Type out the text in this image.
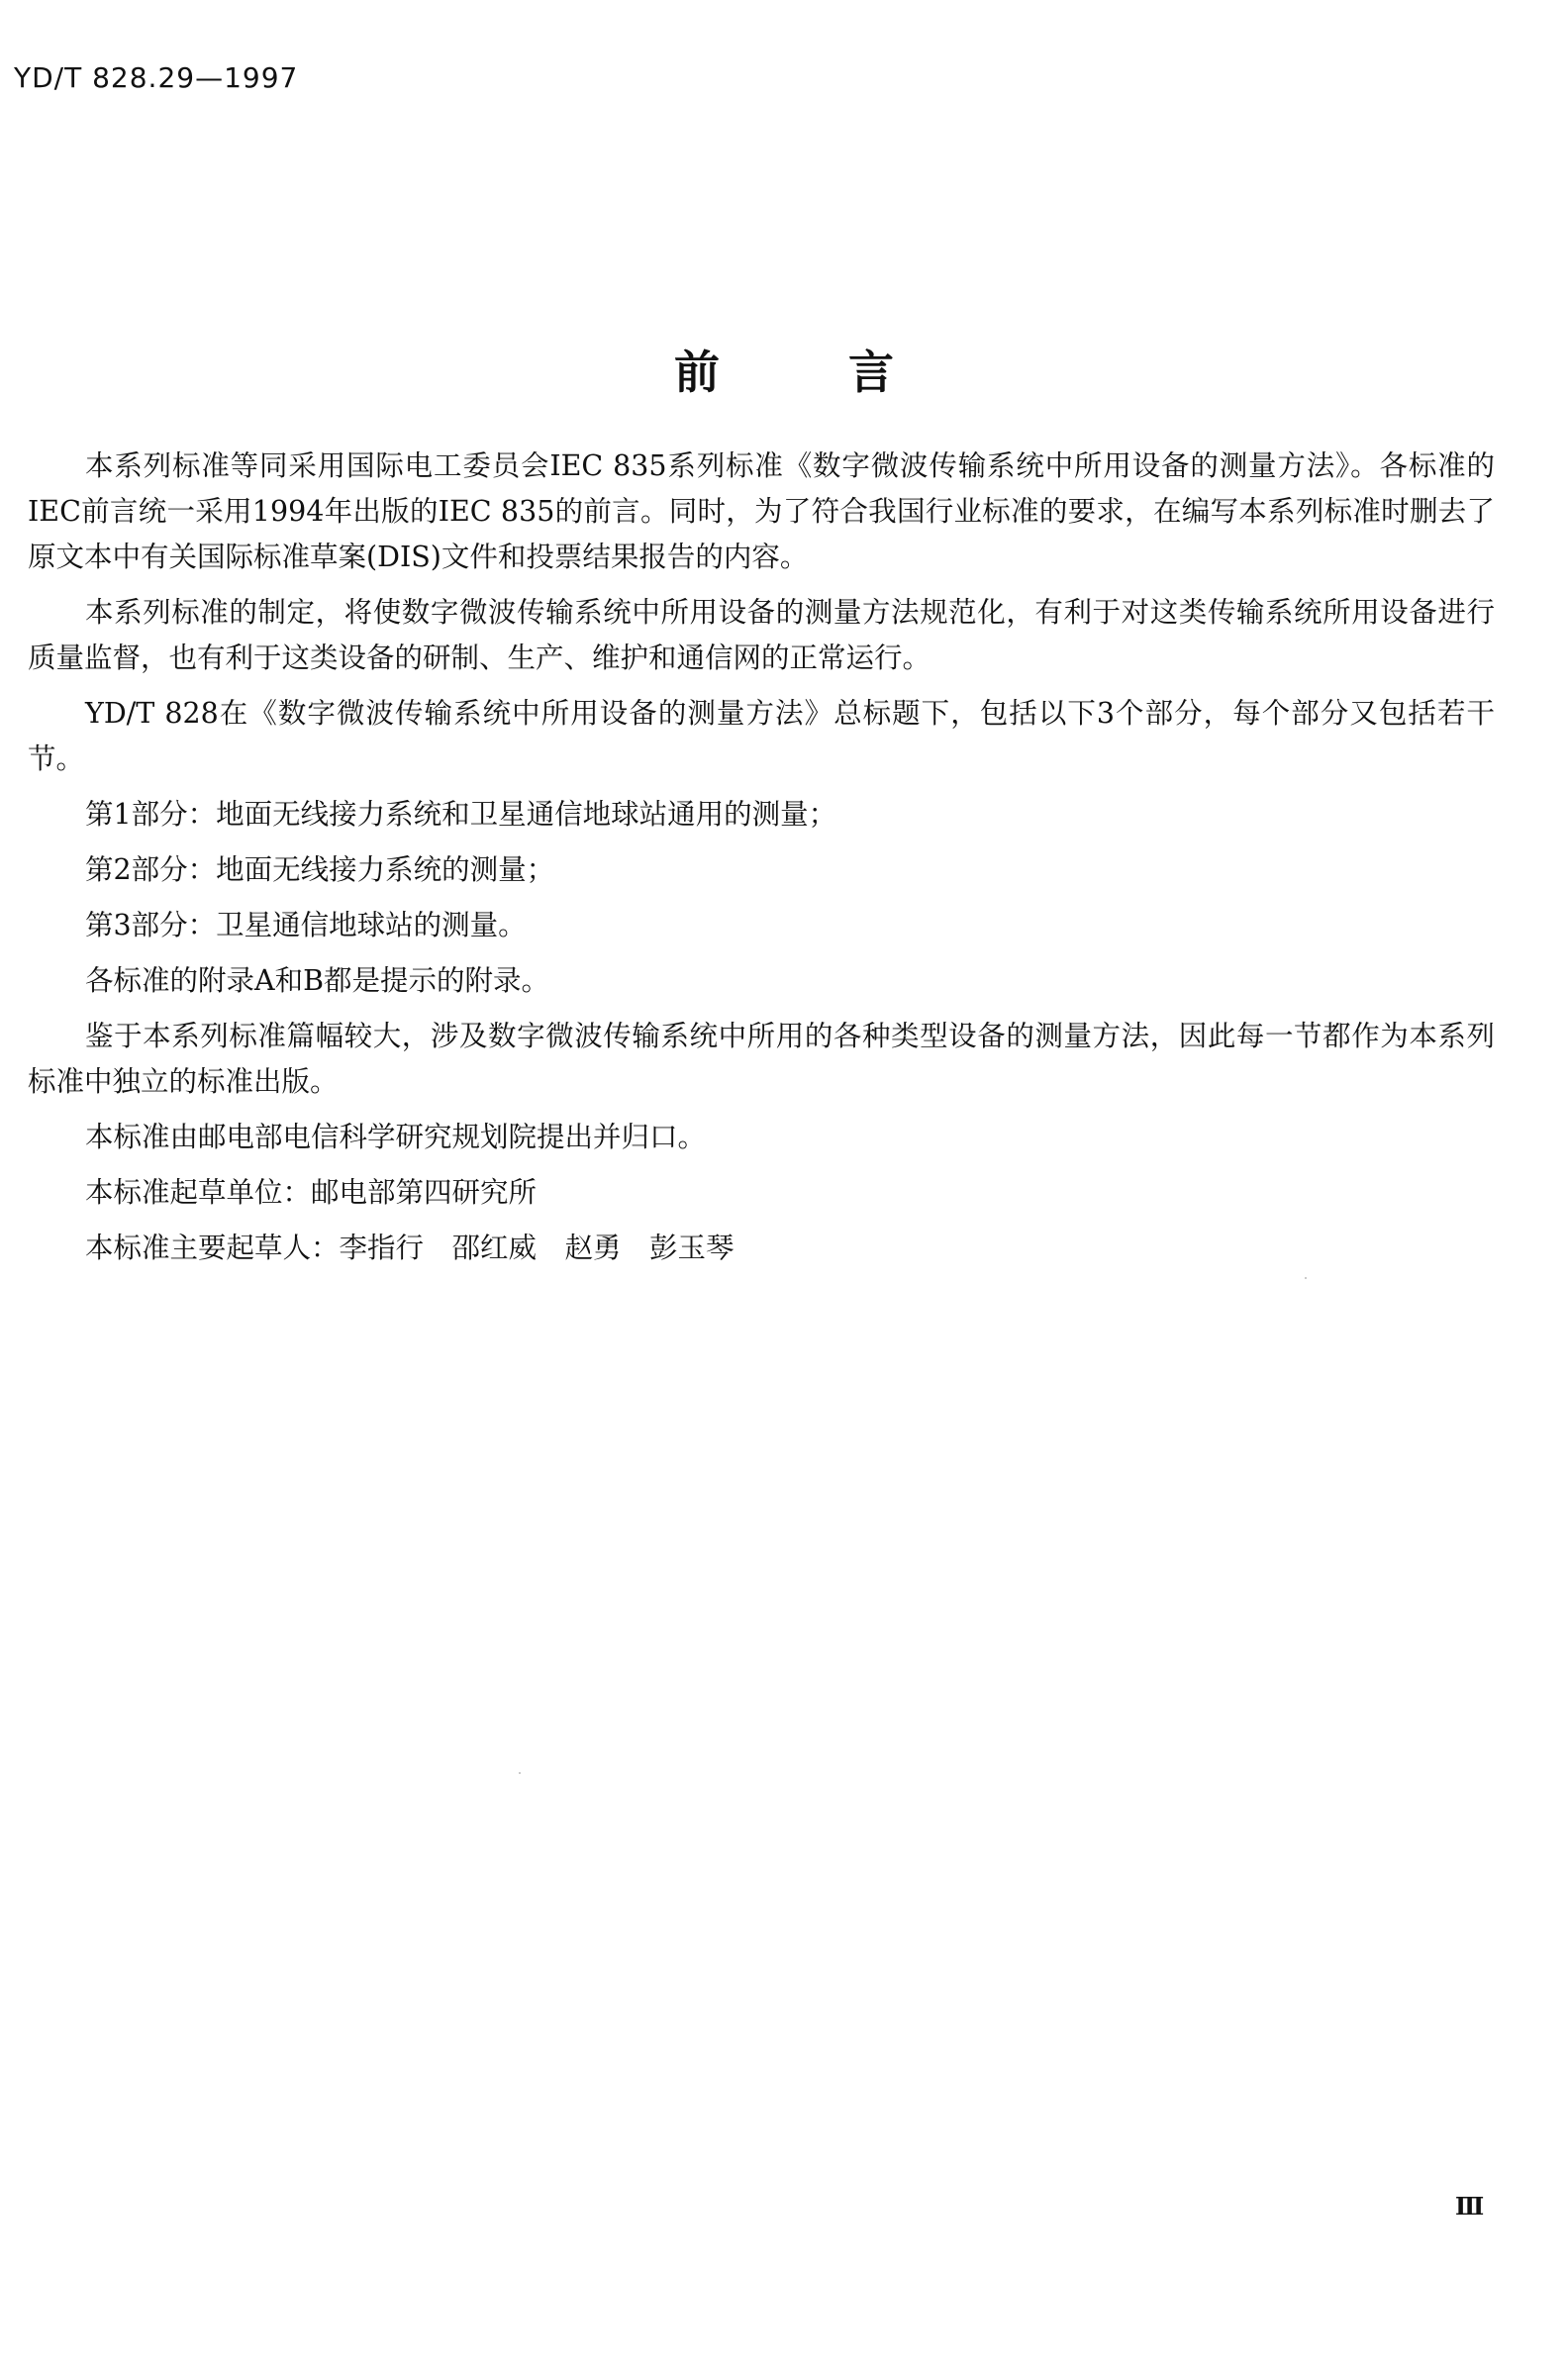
YD/T 828.29—1997
前言

本系列标准等同采用国际电工委员会IEC 835系列标准《数字微波传输系统中所用设备的测量方法》。各标准的IEC前言统一采用1994年出版的IEC 835的前言。同时，为了符合我国行业标准的要求，在编写本系列标准时删去了原文本中有关国际标准草案(DIS)文件和投票结果报告的内容。

本系列标准的制定，将使数字微波传输系统中所用设备的测量方法规范化，有利于对这类传输系统所用设备进行质量监督，也有利于这类设备的研制、生产、维护和通信网的正常运行。

YD/T 828在《数字微波传输系统中所用设备的测量方法》总标题下，包括以下3个部分，每个部分又包括若干节。

第1部分：地面无线接力系统和卫星通信地球站通用的测量；

第2部分：地面无线接力系统的测量；

第3部分：卫星通信地球站的测量。

各标准的附录A和B都是提示的附录。

鉴于本系列标准篇幅较大，涉及数字微波传输系统中所用的各种类型设备的测量方法，因此每一节都作为本系列标准中独立的标准出版。

本标准由邮电部电信科学研究规划院提出并归口。

本标准起草单位：邮电部第四研究所

本标准主要起草人：李指行　邵红威　赵勇　彭玉琴

Ⅲ
